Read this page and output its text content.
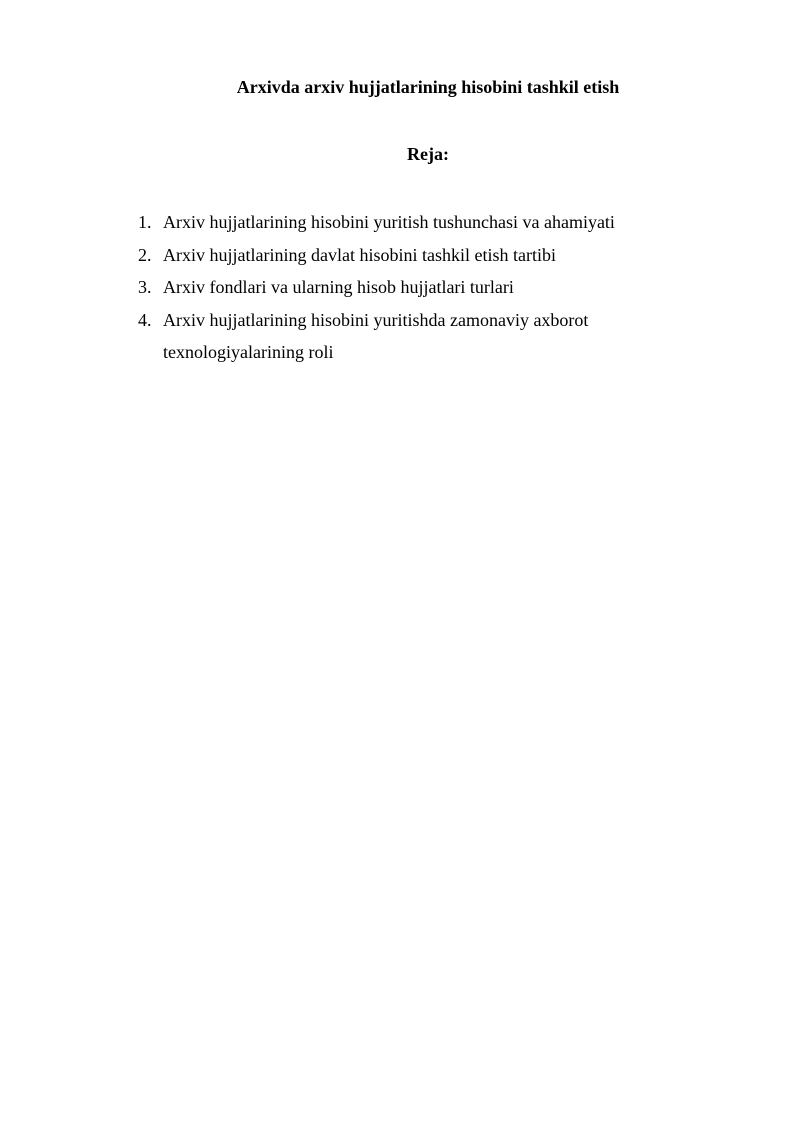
Arxivda arxiv hujjatlarining hisobini tashkil etish
Reja:
1. Arxiv hujjatlarining hisobini yuritish tushunchasi va ahamiyati
2. Arxiv hujjatlarining davlat hisobini tashkil etish tartibi
3. Arxiv fondlari va ularning hisob hujjatlari turlari
4. Arxiv hujjatlarining hisobini yuritishda zamonaviy axborot texnologiyalarining roli
